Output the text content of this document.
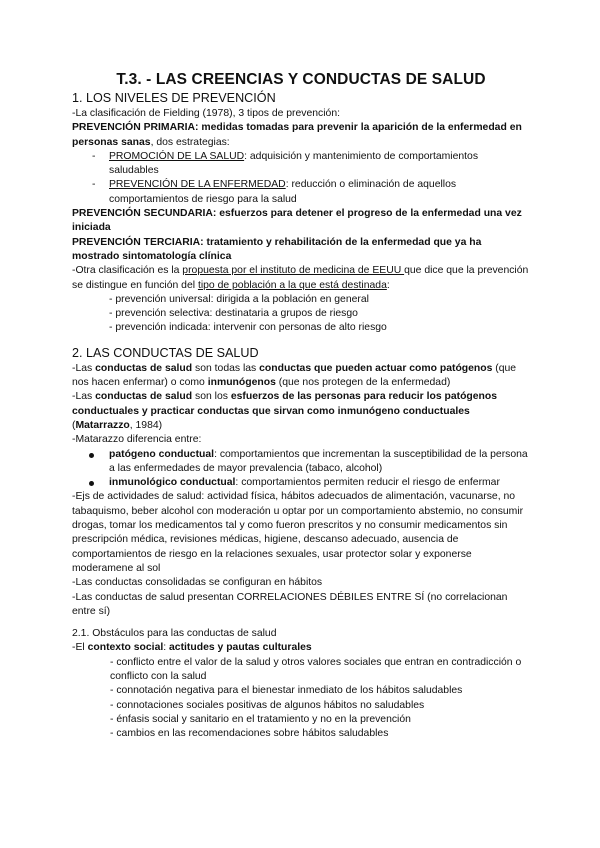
T.3. - LAS CREENCIAS Y CONDUCTAS DE SALUD
1. LOS NIVELES DE PREVENCIÓN

-La clasificación de Fielding (1978), 3 tipos de prevención:

PREVENCIÓN PRIMARIA: medidas tomadas para prevenir la aparición de la enfermedad en personas sanas, dos estrategias:

- PROMOCIÓN DE LA SALUD: adquisición y mantenimiento de comportamientos saludables
- PREVENCIÓN DE LA ENFERMEDAD: reducción o eliminación de aquellos comportamientos de riesgo para la salud

PREVENCIÓN SECUNDARIA: esfuerzos para detener el progreso de la enfermedad una vez iniciada

PREVENCIÓN TERCIARIA: tratamiento y rehabilitación de la enfermedad que ya ha mostrado sintomatología clínica

-Otra clasificación es la propuesta por el instituto de medicina de EEUU que dice que la prevención se distingue en función del tipo de población a la que está destinada:

- prevención universal: dirigida a la población en general

- prevención selectiva: destinataria a grupos de riesgo

- prevención indicada: intervenir con personas de alto riesgo

2. LAS CONDUCTAS DE SALUD

-Las conductas de salud son todas las conductas que pueden actuar como patógenos (que nos hacen enfermar) o como inmunógenos (que nos protegen de la enfermedad)

-Las conductas de salud son los esfuerzos de las personas para reducir los patógenos conductuales y practicar conductas que sirvan como inmunógeno conductuales (Matarrazzo, 1984)

-Matarazzo diferencia entre:

patógeno conductual: comportamientos que incrementan la susceptibilidad de la persona a las enfermedades de mayor prevalencia (tabaco, alcohol)
inmunológico conductual: comportamientos permiten reducir el riesgo de enfermar

-Ejs de actividades de salud: actividad física, hábitos adecuados de alimentación, vacunarse, no tabaquismo, beber alcohol con moderación u optar por un comportamiento abstemio, no consumir drogas, tomar los medicamentos tal y como fueron prescritos y no consumir medicamentos sin prescripción médica, revisiones médicas, higiene, descanso adecuado, ausencia de comportamientos de riesgo en la relaciones sexuales, usar protector solar y exponerse moderamene al sol

-Las conductas consolidadas se configuran en hábitos

-Las conductas de salud presentan CORRELACIONES DÉBILES ENTRE SÍ (no correlacionan entre sí)

2.1. Obstáculos para las conductas de salud

-El contexto social: actitudes y pautas culturales

- conflicto entre el valor de la salud y otros valores sociales que entran en contradicción o conflicto con la salud

- connotación negativa para el bienestar inmediato de los hábitos saludables

- connotaciones sociales positivas de algunos hábitos no saludables

- énfasis social y sanitario en el tratamiento y no en la prevención

- cambios en las recomendaciones sobre hábitos saludables
